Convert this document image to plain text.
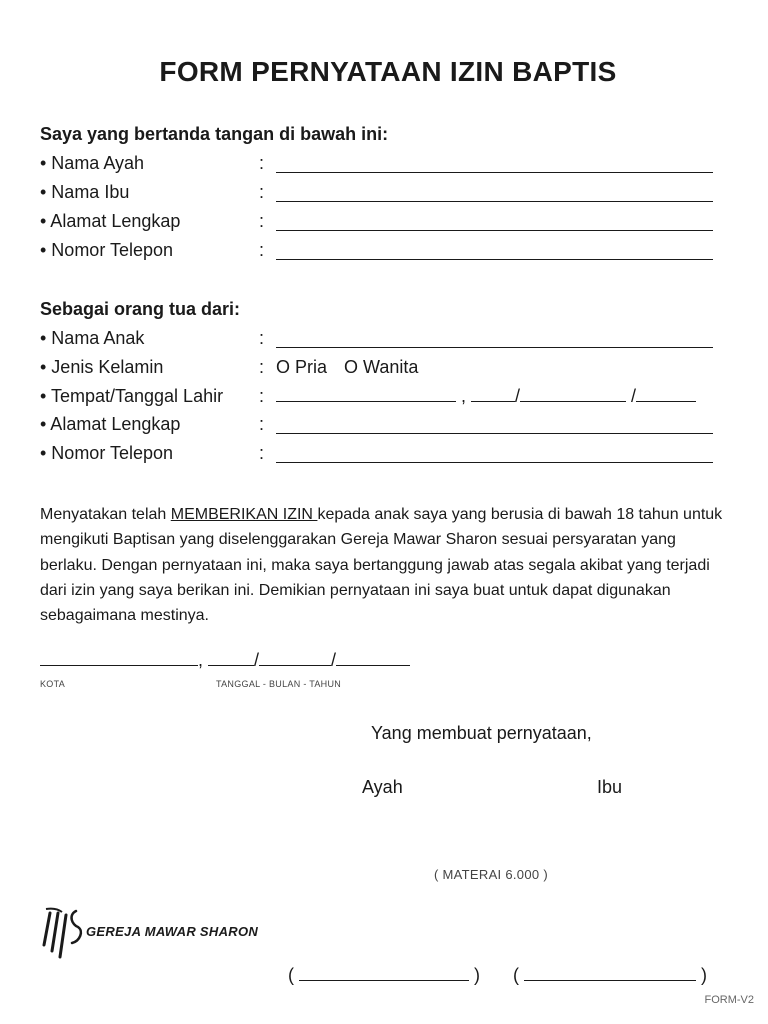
FORM PERNYATAAN IZIN BAPTIS
Saya yang bertanda tangan di bawah ini:
• Nama Ayah	:
• Nama Ibu	:
• Alamat Lengkap	:
• Nomor Telepon	:
Sebagai orang tua dari:
• Nama Anak	:
• Jenis Kelamin	: O Pria O Wanita
• Tempat/Tanggal Lahir :	, /	/
• Alamat Lengkap	:
• Nomor Telepon	:
Menyatakan telah MEMBERIKAN IZIN kepada anak saya yang berusia di bawah 18 tahun untuk mengikuti Baptisan yang diselenggarakan Gereja Mawar Sharon sesuai persyaratan yang berlaku. Dengan pernyataan ini, maka saya bertanggung jawab atas segala akibat yang terjadi dari izin yang saya berikan ini. Demikian pernyataan ini saya buat untuk dapat digunakan sebagaimana mestinya.
,	/	/
KOTA	TANGGAL - BULAN - TAHUN
Yang membuat pernyataan,
Ayah	Ibu
( MATERAI 6.000 )
GEREJA MAWAR SHARON
(	) (	)
FORM-V2
